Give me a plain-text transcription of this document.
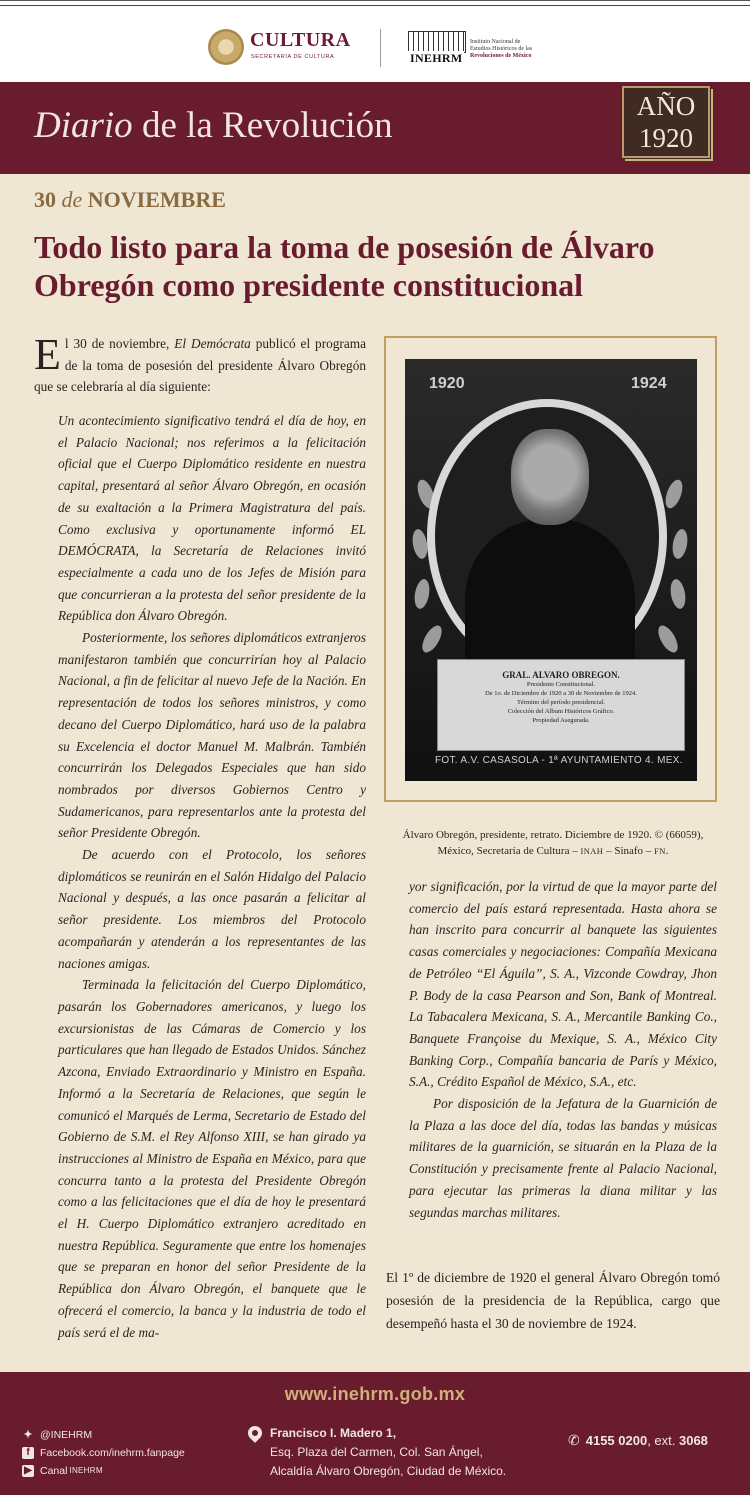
CULTURA
SECRETARÍA DE CULTURA	INEHRM
Instituto Nacional de
Estudios Históricos de las
Revoluciones de México
Diario de la Revolución	AÑO
1920
30 de NOVIEMBRE
Todo listo para la toma de posesión de Álvaro Obregón como presidente constitucional
El 30 de noviembre, El Demócrata publicó el programa de la toma de posesión del presidente Álvaro Obregón que se celebraría al día siguiente:

Un acontecimiento significativo tendrá el día de hoy, en el Palacio Nacional; nos referimos a la felicitación oficial que el Cuerpo Diplomático residente en nuestra capital, presentará al señor Álvaro Obregón, en ocasión de su exaltación a la Primera Magistratura del país. Como exclusiva y oportunamente informó EL DEMÓCRATA, la Secretaría de Relaciones invitó especialmente a cada uno de los Jefes de Misión para que concurrieran a la protesta del señor presidente de la República don Álvaro Obregón.

Posteriormente, los señores diplomáticos extranjeros manifestaron también que concurrirían hoy al Palacio Nacional, a fin de felicitar al nuevo Jefe de la Nación. En representación de todos los señores ministros, y como decano del Cuerpo Diplomático, hará uso de la palabra su Excelencia el doctor Manuel M. Malbrán. También concurrirán los Delegados Especiales que han sido nombrados por diversos Gobiernos Centro y Sudamericanos, para representarlos ante la protesta del señor Presidente Obregón.

De acuerdo con el Protocolo, los señores diplomáticos se reunirán en el Salón Hidalgo del Palacio Nacional y después, a las once pasarán a felicitar al señor presidente. Los miembros del Protocolo acompañarán y atenderán a los representantes de las naciones amigas.

Terminada la felicitación del Cuerpo Diplomático, pasarán los Gobernadores americanos, y luego los excursionistas de las Cámaras de Comercio y los particulares que han llegado de Estados Unidos. Sánchez Azcona, Enviado Extraordinario y Ministro en España. Informó a la Secretaría de Relaciones, que según le comunicó el Marqués de Lerma, Secretario de Estado del Gobierno de S.M. el Rey Alfonso XIII, se han girado ya instrucciones al Ministro de España en México, para que concurra tanto a la protesta del Presidente Obregón como a las felicitaciones que el día de hoy le presentará el H. Cuerpo Diplomático extranjero acreditado en nuestra República. Seguramente que entre los homenajes que se preparan en honor del señor Presidente de la República don Álvaro Obregón, el banquete que le ofrecerá el comercio, la banca y la industria de todo el país será el de ma-

1920	1924
GRAL. ALVARO OBREGON.
Presidente Constitucional.
De 1o. de Diciembre de 1920 a 30 de Noviembre de 1924.
Término del período presidencial.
Colección del Album Históricos Gráfico.
Propiedad Asegurada.
FOT. A.V. CASASOLA - 1ª AYUNTAMIENTO 4. MEX.
Álvaro Obregón, presidente, retrato. Diciembre de 1920. © (66059), México, Secretaría de Cultura – INAH – Sinafo – FN.

yor significación, por la virtud de que la mayor parte del comercio del país estará representada. Hasta ahora se han inscrito para concurrir al banquete las siguientes casas comerciales y negociaciones: Compañía Mexicana de Petróleo “El Águila”, S. A., Vizconde Cowdray, Jhon P. Body de la casa Pearson and Son, Bank of Montreal. La Tabacalera Mexicana, S. A., Mercantile Banking Co., Banquete Françoise du Mexique, S. A., México City Banking Corp., Compañía bancaria de París y México, S.A., Crédito Español de México, S.A., etc.

Por disposición de la Jefatura de la Guarnición de la Plaza a las doce del día, todas las bandas y músicas militares de la guarnición, se situarán en la Plaza de la Constitución y precisamente frente al Palacio Nacional, para ejecutar las primeras la diana militar y las segundas marchas militares.

El 1º de diciembre de 1920 el general Álvaro Obregón tomó posesión de la presidencia de la República, cargo que desempeñó hasta el 30 de noviembre de 1924.
www.inehrm.gob.mx
✦ @INEHRM
f Facebook.com/inehrm.fanpage
▶ Canal INEHRM
Francisco I. Madero 1,
Esq. Plaza del Carmen, Col. San Ángel,
Alcaldía Álvaro Obregón, Ciudad de México.
✆ 4155 0200, ext. 3068
